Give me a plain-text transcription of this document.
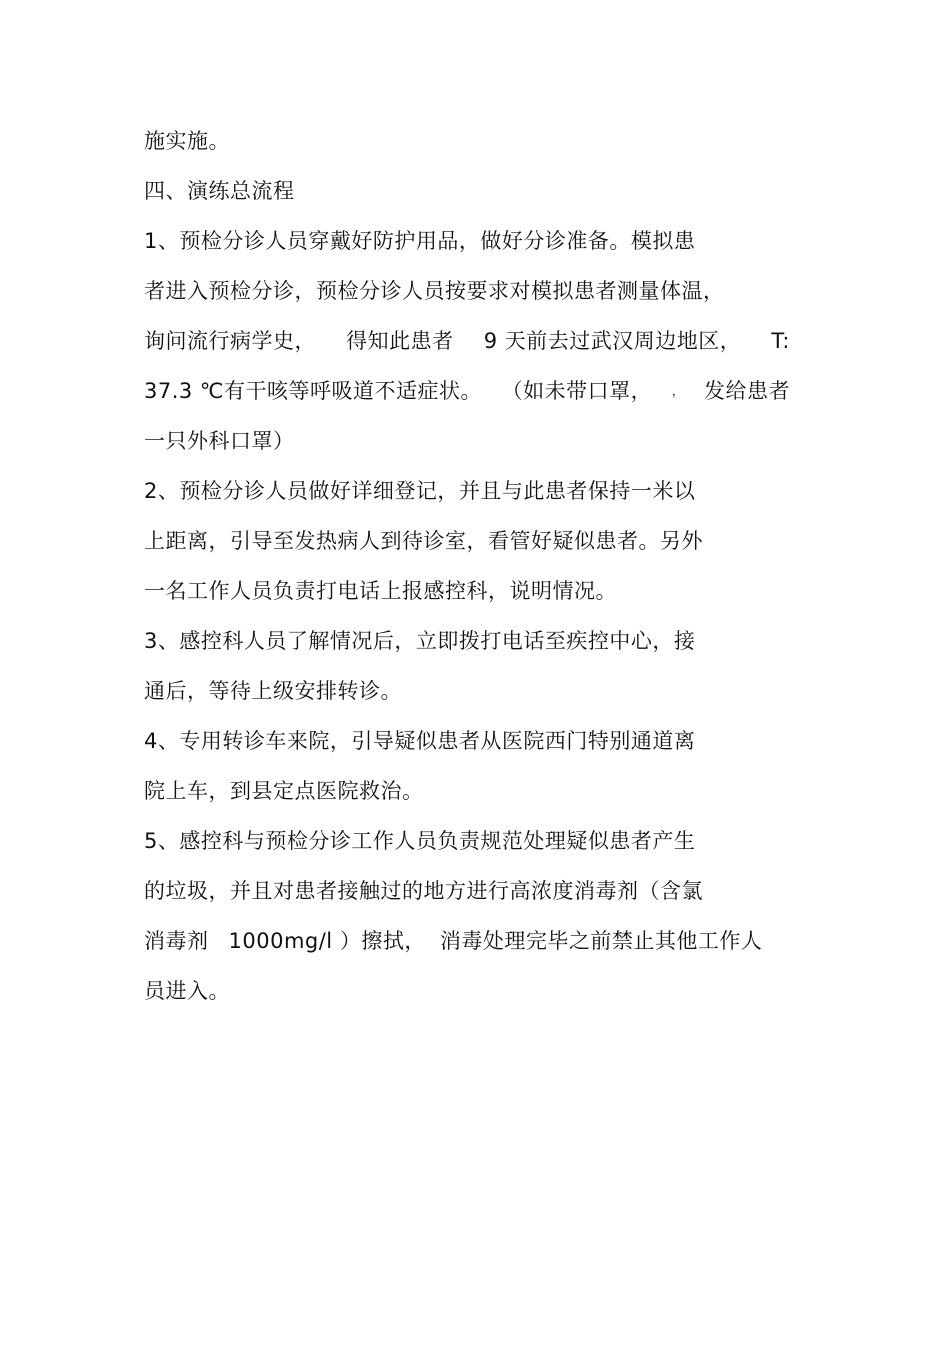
施实施。
四、演练总流程
1、预检分诊人员穿戴好防护用品，做好分诊准备。模拟患
者进入预检分诊，预检分诊人员按要求对模拟患者测量体温，
询问流行病学史， 得知此患者 9 天前去过武汉周边地区， T:
37.3 ℃有干咳等呼吸道不适症状。 （如未带口罩， ， 发给患者
一只外科口罩）
2、预检分诊人员做好详细登记，并且与此患者保持一米以
上距离，引导至发热病人到待诊室，看管好疑似患者。另外
一名工作人员负责打电话上报感控科，说明情况。
3、感控科人员了解情况后，立即拨打电话至疾控中心，接
通后，等待上级安排转诊。
4、专用转诊车来院，引导疑似患者从医院西门特别通道离
院上车，到县定点医院救治。
5、感控科与预检分诊工作人员负责规范处理疑似患者产生
的垃圾，并且对患者接触过的地方进行高浓度消毒剂（含氯
消毒剂 1000mg/l ）擦拭， 消毒处理完毕之前禁止其他工作人
员进入。
